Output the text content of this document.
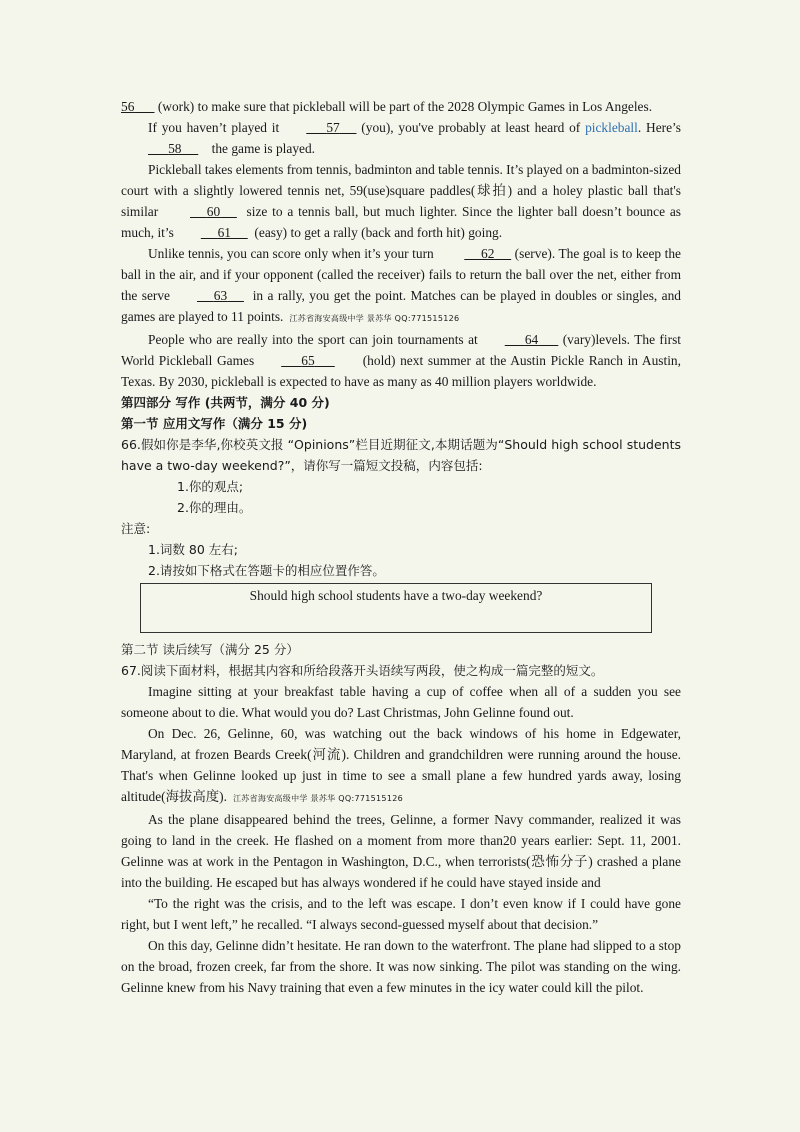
56       (work) to make sure that pickleball will be part of the 2028 Olympic Games in Los Angeles.

If you haven’t played it	57      (you), you've probably at least heard of pickleball. Here’s      58         the game is played.

Pickleball takes elements from tennis, badminton and table tennis. It’s played on a badminton-sized court with a slightly lowered tennis net, 59(use)square paddles(球拍) and a holey plastic ball that's similar	60       size to a tennis ball, but much lighter. Since the lighter ball doesn’t bounce as much, it’s	61       (easy) to get a rally (back and forth hit) going.

Unlike tennis, you can score only when it’s your turn	62      (serve). The goal is to keep the ball in the air, and if your opponent (called the receiver) fails to return the ball over the net, either from the serve	63       in a rally, you get the point. Matches can be played in doubles or singles, and games are played to 11 points. 江苏省海安高级中学 景苏华 QQ:771515126

People who are really into the sport can join tournaments at	64       (vary)levels. The first World Pickleball Games	65	(hold) next summer at the Austin Pickle Ranch in Austin, Texas. By 2030, pickleball is expected to have as many as 40 million players worldwide.

第四部分 写作 (共两节，满分 40 分)
第一节 应用文写作（满分 15 分)

66.假如你是李华,你校英文报 “Opinions”栏目近期征文,本期话题为“Should high school students have a two-day weekend?”，请你写一篇短文投稿，内容包括:

1.你的观点;
2.你的理由。
注意:
1.词数 80 左右;
2.请按如下格式在答题卡的相应位置作答。
Should high school students have a two-day weekend?
第二节 读后续写（满分 25 分）
67.阅读下面材料，根据其内容和所给段落开头语续写两段，使之构成一篇完整的短文。

Imagine sitting at your breakfast table having a cup of coffee when all of a sudden you see someone about to die. What would you do? Last Christmas, John Gelinne found out.

On Dec. 26, Gelinne, 60, was watching out the back windows of his home in Edgewater, Maryland, at frozen Beards Creek(河流). Children and grandchildren were running around the house. That's when Gelinne looked up just in time to see a small plane a few hundred yards away, losing altitude(海拔高度). 江苏省海安高级中学 景苏华 QQ:771515126

As the plane disappeared behind the trees, Gelinne, a former Navy commander, realized it was going to land in the creek. He flashed on a moment from more than20 years earlier: Sept. 11, 2001. Gelinne was at work in the Pentagon in Washington, D.C., when terrorists(恐怖分子) crashed a plane into the building. He escaped but has always wondered if he could have stayed inside and

“To the right was the crisis, and to the left was escape. I don’t even know if I could have gone right, but I went left,” he recalled. “I always second-guessed myself about that decision.”

On this day, Gelinne didn’t hesitate. He ran down to the waterfront. The plane had slipped to a stop on the broad, frozen creek, far from the shore. It was now sinking. The pilot was standing on the wing. Gelinne knew from his Navy training that even a few minutes in the icy water could kill the pilot.
